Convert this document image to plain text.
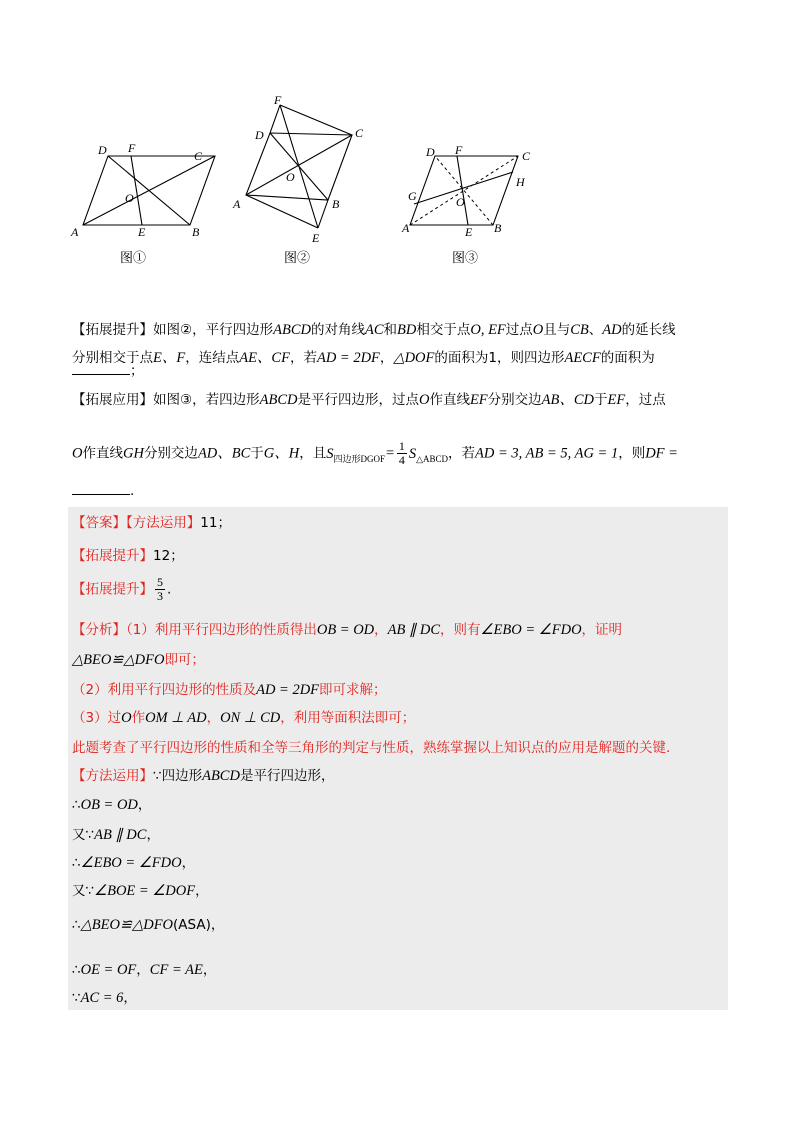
A	B
C
D
E
F
O
图①
A	B
C
D
E
F
O
图②
A	B
C
D
E
F
G
H
O
图③
【拓展提升】如图②，平行四边形ABCD的对角线AC和BD相交于点O, EF过点O且与CB、AD的延长线
分别相交于点E、F，连结点AE、CF，若AD = 2DF，△DOF的面积为1，则四边形AECF的面积为
；
【拓展应用】如图③，若四边形ABCD是平行四边形，过点O作直线EF分别交边AB、CD于EF，过点
O作直线GH分别交边AD、BC于G、H，且$S_{四边形DGOF}= \frac{1}{4} S_{\triangle ABCD}$，若AD = 3, AB = 5, AG = 1，则DF =
.
【答案】【方法运用】11；
【拓展提升】12；
【拓展提升】 $\frac{5}{3}$ .
【分析】（1）利用平行四边形的性质得出OB = OD，AB ∥ DC，则有∠EBO = ∠FDO，证明
△BEO≌△DFO即可；
（2）利用平行四边形的性质及AD = 2DF即可求解；
（3）过O作OM ⊥ AD，ON ⊥ CD，利用等面积法即可；
此题考查了平行四边形的性质和全等三角形的判定与性质，熟练掌握以上知识点的应用是解题的关键.
【方法运用】∵四边形ABCD是平行四边形，
∴OB = OD，
又∵AB ∥ DC，
∴∠EBO = ∠FDO，
又∵∠BOE = ∠DOF，
∴△BEO≌△DFO(ASA)，
∴OE = OF，CF = AE，
∵AC = 6，
